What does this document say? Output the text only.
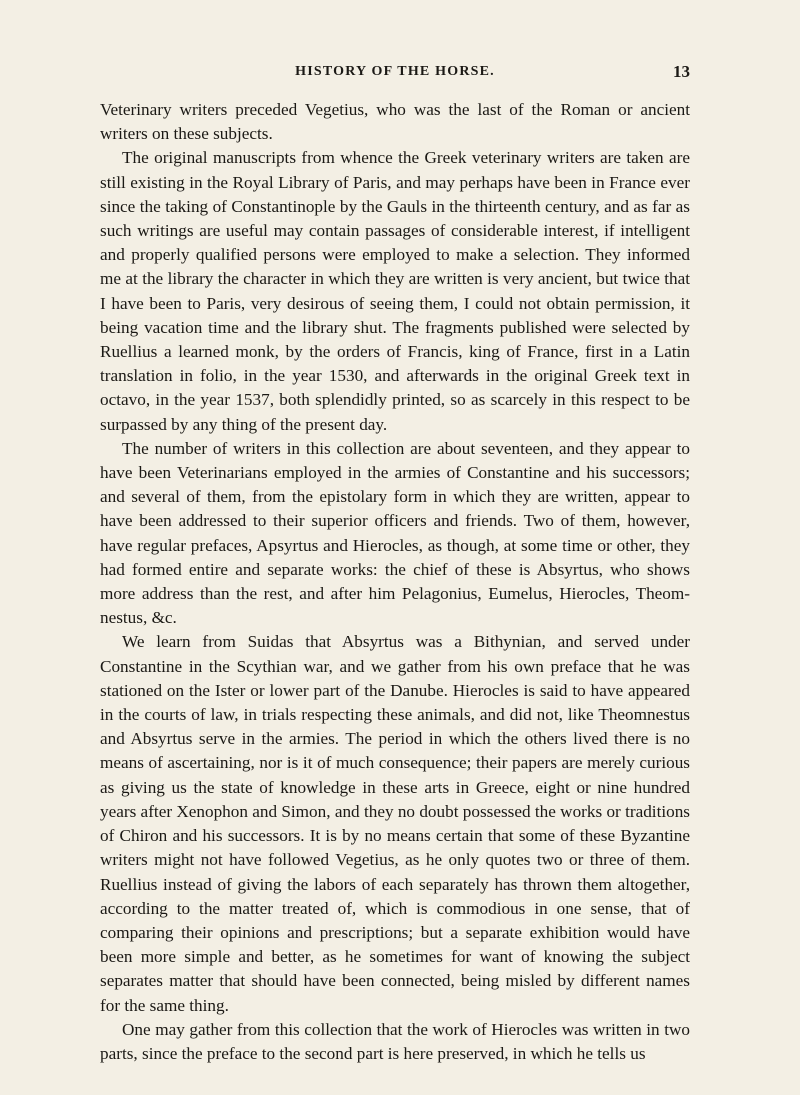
HISTORY OF THE HORSE.	13

Veterinary writers preceded Vegetius, who was the last of the Roman or ancient writers on these subjects.

The original manuscripts from whence the Greek veterinary writers are taken are still existing in the Royal Library of Paris, and may perhaps have been in France ever since the taking of Constantinople by the Gauls in the thirteenth century, and as far as such writings are useful may contain passages of considerable interest, if intelligent and properly qualified persons were employed to make a selection. They informed me at the library the character in which they are written is very ancient, but twice that I have been to Paris, very desirous of seeing them, I could not obtain permission, it being vacation time and the library shut. The fragments published were selected by Ruellius a learned monk, by the orders of Francis, king of France, first in a Latin translation in folio, in the year 1530, and afterwards in the original Greek text in octavo, in the year 1537, both splendidly printed, so as scarcely in this respect to be surpassed by any thing of the present day.

The number of writers in this collection are about seventeen, and they appear to have been Veterinarians employed in the armies of Constantine and his successors; and several of them, from the epistolary form in which they are written, appear to have been addressed to their superior officers and friends. Two of them, however, have regular prefaces, Apsyrtus and Hierocles, as though, at some time or other, they had formed entire and separate works: the chief of these is Absyrtus, who shows more address than the rest, and after him Pelagonius, Eumelus, Hierocles, Theomnestus, &c.

We learn from Suidas that Absyrtus was a Bithynian, and served under Constantine in the Scythian war, and we gather from his own preface that he was stationed on the Ister or lower part of the Danube. Hierocles is said to have appeared in the courts of law, in trials respecting these animals, and did not, like Theomnestus and Absyrtus serve in the armies. The period in which the others lived there is no means of ascertaining, nor is it of much consequence; their papers are merely curious as giving us the state of knowledge in these arts in Greece, eight or nine hundred years after Xenophon and Simon, and they no doubt possessed the works or traditions of Chiron and his successors. It is by no means certain that some of these Byzantine writers might not have followed Vegetius, as he only quotes two or three of them. Ruellius instead of giving the labors of each separately has thrown them altogether, according to the matter treated of, which is commodious in one sense, that of comparing their opinions and prescriptions; but a separate exhibition would have been more simple and better, as he sometimes for want of knowing the subject separates matter that should have been connected, being misled by different names for the same thing.

One may gather from this collection that the work of Hierocles was written in two parts, since the preface to the second part is here preserved, in which he tells us
